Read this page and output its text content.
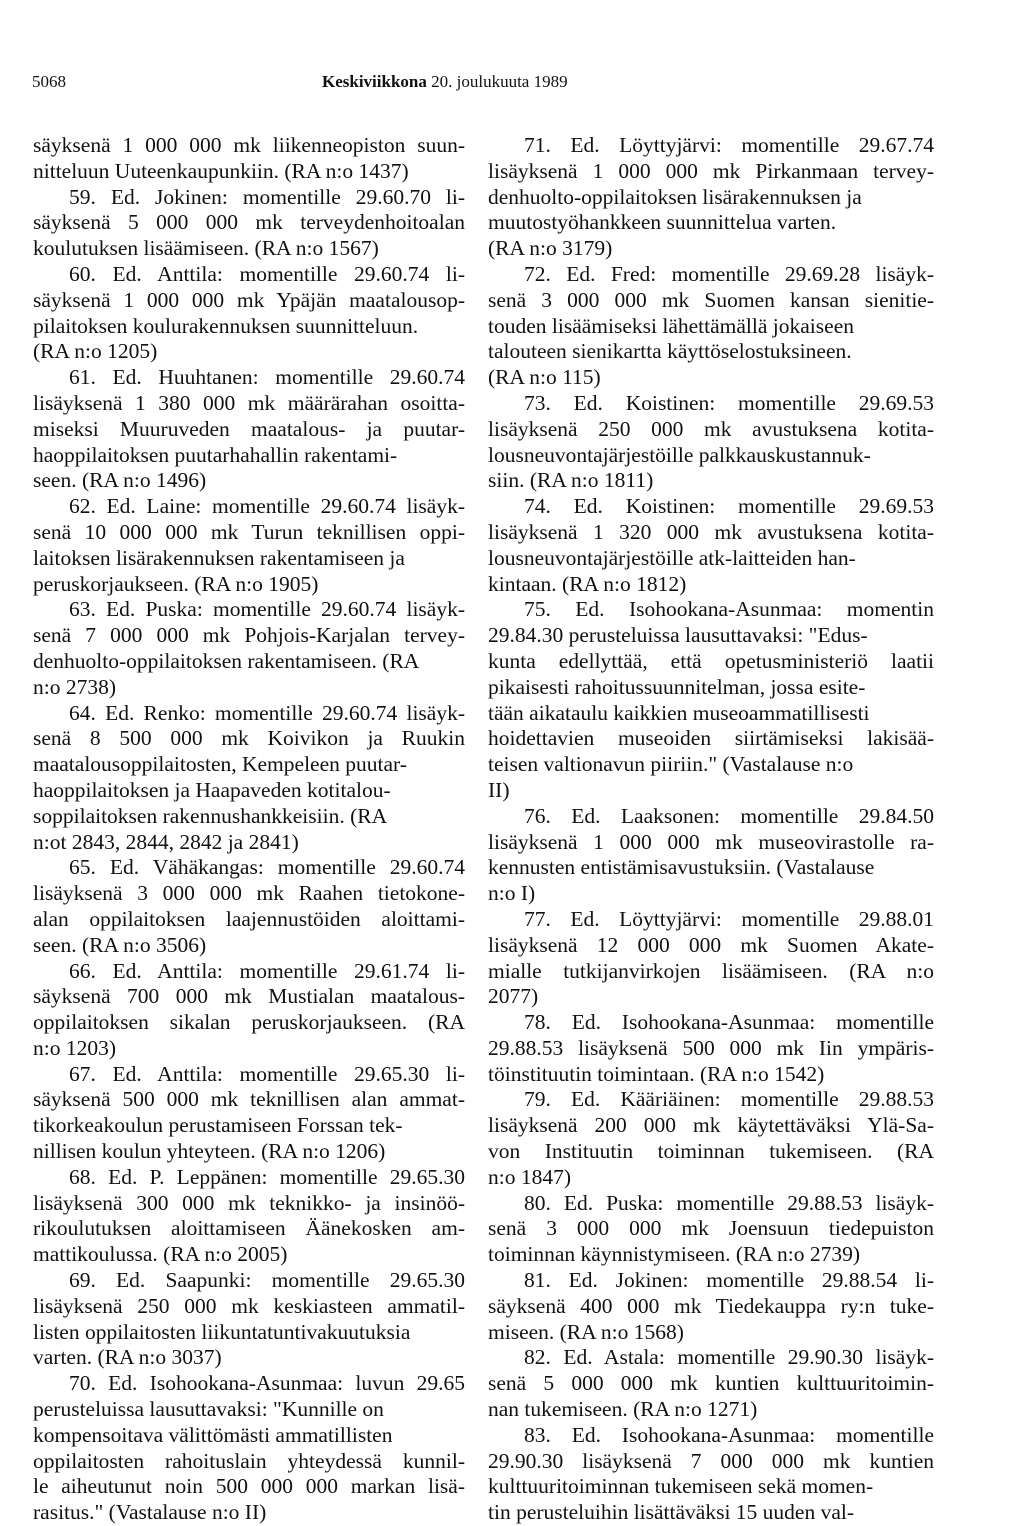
5068	Keskiviikkona 20. joulukuuta 1989
säyksenä 1 000 000 mk liikenneopiston suun-
nitteluun Uuteenkaupunkiin. (RA n:o 1437)
59. Ed. Jokinen: momentille 29.60.70 li-
säyksenä 5 000 000 mk terveydenhoitoalan
koulutuksen lisäämiseen. (RA n:o 1567)
60. Ed. Anttila: momentille 29.60.74 li-
säyksenä 1 000 000 mk Ypäjän maatalousop-
pilaitoksen koulurakennuksen suunnitteluun.
(RA n:o 1205)
61. Ed. Huuhtanen: momentille 29.60.74
lisäyksenä 1 380 000 mk määrärahan osoitta-
miseksi Muuruveden maatalous- ja puutar-
haoppilaitoksen puutarhahallin rakentami-
seen. (RA n:o 1496)
62. Ed. Laine: momentille 29.60.74 lisäyk-
senä 10 000 000 mk Turun teknillisen oppi-
laitoksen lisärakennuksen rakentamiseen ja
peruskorjaukseen. (RA n:o 1905)
63. Ed. Puska: momentille 29.60.74 lisäyk-
senä 7 000 000 mk Pohjois-Karjalan tervey-
denhuolto-oppilaitoksen rakentamiseen. (RA
n:o 2738)
64. Ed. Renko: momentille 29.60.74 lisäyk-
senä 8 500 000 mk Koivikon ja Ruukin
maatalousoppilaitosten, Kempeleen puutar-
haoppilaitoksen ja Haapaveden kotitalou-
soppilaitoksen rakennushankkeisiin. (RA
n:ot 2843, 2844, 2842 ja 2841)
65. Ed. Vähäkangas: momentille 29.60.74
lisäyksenä 3 000 000 mk Raahen tietokone-
alan oppilaitoksen laajennustöiden aloittami-
seen. (RA n:o 3506)
66. Ed. Anttila: momentille 29.61.74 li-
säyksenä 700 000 mk Mustialan maatalous-
oppilaitoksen sikalan peruskorjaukseen. (RA
n:o 1203)
67. Ed. Anttila: momentille 29.65.30 li-
säyksenä 500 000 mk teknillisen alan ammat-
tikorkeakoulun perustamiseen Forssan tek-
nillisen koulun yhteyteen. (RA n:o 1206)
68. Ed. P. Leppänen: momentille 29.65.30
lisäyksenä 300 000 mk teknikko- ja insinöö-
rikoulutuksen aloittamiseen Äänekosken am-
mattikoulussa. (RA n:o 2005)
69. Ed. Saapunki: momentille 29.65.30
lisäyksenä 250 000 mk keskiasteen ammatil-
listen oppilaitosten liikuntatuntivakuutuksia
varten. (RA n:o 3037)
70. Ed. Isohookana-Asunmaa: luvun 29.65
perusteluissa lausuttavaksi: "Kunnille on
kompensoitava välittömästi ammatillisten
oppilaitosten rahoituslain yhteydessä kunnil-
le aiheutunut noin 500 000 000 markan lisä-
rasitus." (Vastalause n:o II)
71. Ed. Löyttyjärvi: momentille 29.67.74
lisäyksenä 1 000 000 mk Pirkanmaan tervey-
denhuolto-oppilaitoksen lisärakennuksen ja
muutostyöhankkeen suunnittelua varten.
(RA n:o 3179)
72. Ed. Fred: momentille 29.69.28 lisäyk-
senä 3 000 000 mk Suomen kansan sienitie-
touden lisäämiseksi lähettämällä jokaiseen
talouteen sienikartta käyttöselostuksineen.
(RA n:o 115)
73. Ed. Koistinen: momentille 29.69.53
lisäyksenä 250 000 mk avustuksena kotita-
lousneuvontajärjestöille palkkauskustannuk-
siin. (RA n:o 1811)
74. Ed. Koistinen: momentille 29.69.53
lisäyksenä 1 320 000 mk avustuksena kotita-
lousneuvontajärjestöille atk-laitteiden han-
kintaan. (RA n:o 1812)
75. Ed. Isohookana-Asunmaa: momentin
29.84.30 perusteluissa lausuttavaksi: "Edus-
kunta edellyttää, että opetusministeriö laatii
pikaisesti rahoitussuunnitelman, jossa esite-
tään aikataulu kaikkien museoammatillisesti
hoidettavien museoiden siirtämiseksi lakisää-
teisen valtionavun piiriin." (Vastalause n:o
II)
76. Ed. Laaksonen: momentille 29.84.50
lisäyksenä 1 000 000 mk museovirastolle ra-
kennusten entistämisavustuksiin. (Vastalause
n:o I)
77. Ed. Löyttyjärvi: momentille 29.88.01
lisäyksenä 12 000 000 mk Suomen Akate-
mialle tutkijanvirkojen lisäämiseen. (RA n:o
2077)
78. Ed. Isohookana-Asunmaa: momentille
29.88.53 lisäyksenä 500 000 mk Iin ympäris-
töinstituutin toimintaan. (RA n:o 1542)
79. Ed. Kääriäinen: momentille 29.88.53
lisäyksenä 200 000 mk käytettäväksi Ylä-Sa-
von Instituutin toiminnan tukemiseen. (RA
n:o 1847)
80. Ed. Puska: momentille 29.88.53 lisäyk-
senä 3 000 000 mk Joensuun tiedepuiston
toiminnan käynnistymiseen. (RA n:o 2739)
81. Ed. Jokinen: momentille 29.88.54 li-
säyksenä 400 000 mk Tiedekauppa ry:n tuke-
miseen. (RA n:o 1568)
82. Ed. Astala: momentille 29.90.30 lisäyk-
senä 5 000 000 mk kuntien kulttuuritoimin-
nan tukemiseen. (RA n:o 1271)
83. Ed. Isohookana-Asunmaa: momentille
29.90.30 lisäyksenä 7 000 000 mk kuntien
kulttuuritoiminnan tukemiseen sekä momen-
tin perusteluihin lisättäväksi 15 uuden val-
